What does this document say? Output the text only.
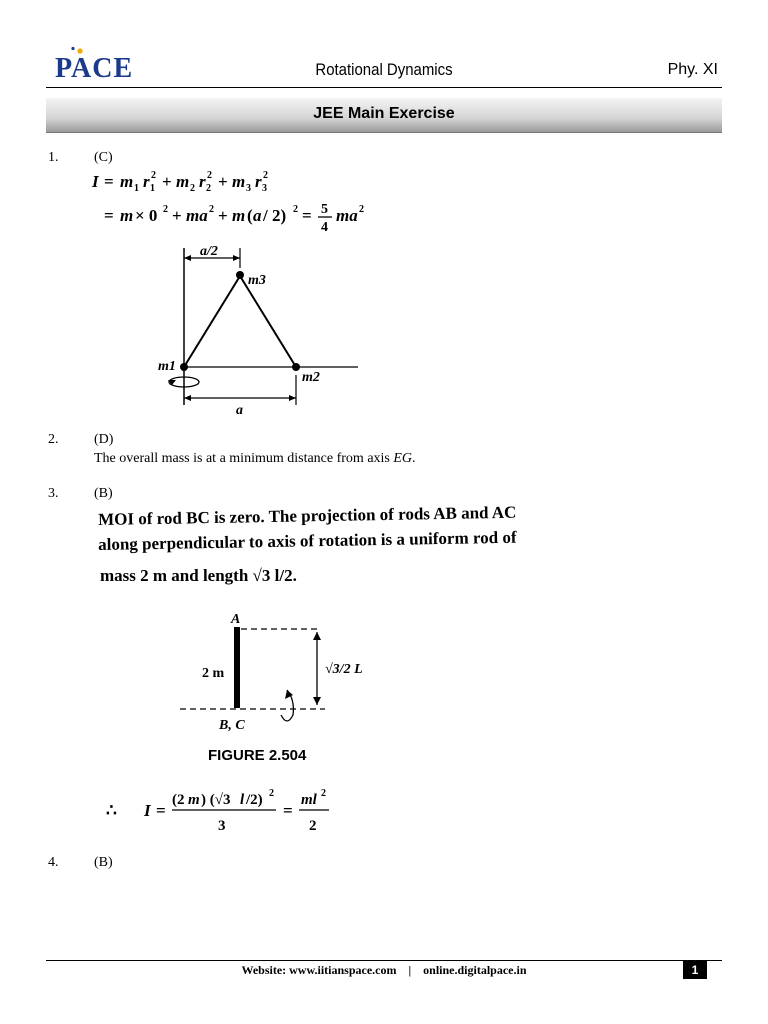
PACE	Rotational Dynamics	Phy. XI
JEE Main Exercise
1.	(C)
I = m 1 r 1
2 + m 2 r 2
2 + m 3 r 3
2
= m × 0 2 + ma 2 + m ( a / 2) 2 = 5
4
ma 2
a/2
m3
m1
m2
a
2.	(D)
The overall mass is at a minimum distance from axis EG.
3.	(B)
MOI of rod BC is zero. The projection of rods AB and AC
along perpendicular to axis of rotation is a uniform rod of
mass 2 m and length √3 l/2.
A
2 m	√3/2 L
B, C
FIGURE 2.504
∴ I =
(2 m ) (√3 l /2) 2
3
=
ml 2
2
4.	(B)
Website: www.iitianspace.com | online.digitalpace.in	1
